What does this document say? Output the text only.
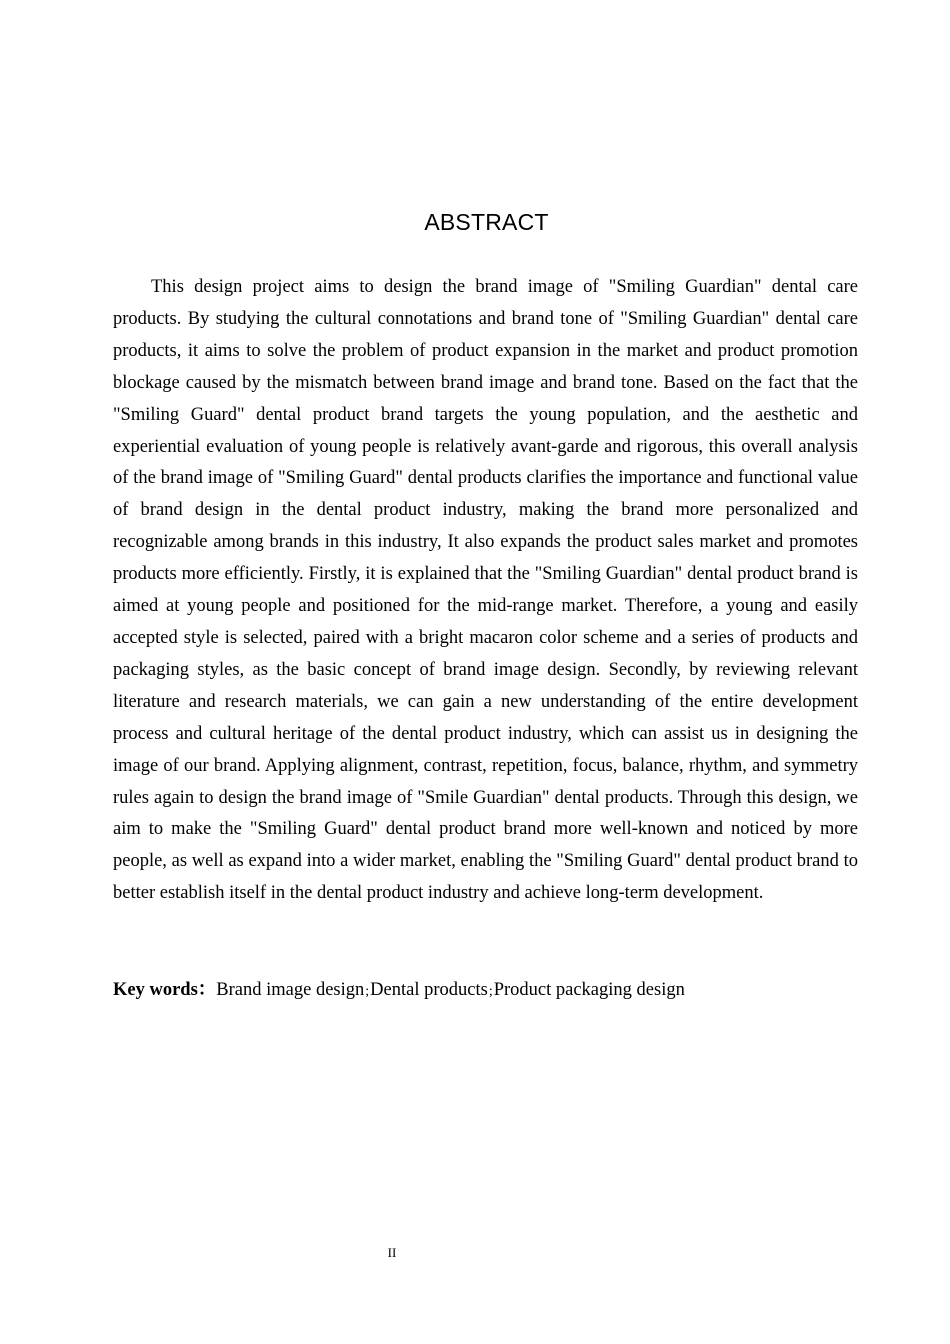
ABSTRACT

This design project aims to design the brand image of "Smiling Guardian" dental care products. By studying the cultural connotations and brand tone of "Smiling Guardian" dental care products, it aims to solve the problem of product expansion in the market and product promotion blockage caused by the mismatch between brand image and brand tone. Based on the fact that the "Smiling Guard" dental product brand targets the young population, and the aesthetic and experiential evaluation of young people is relatively avant-garde and rigorous, this overall analysis of the brand image of "Smiling Guard" dental products clarifies the importance and functional value of brand design in the dental product industry, making the brand more personalized and recognizable among brands in this industry, It also expands the product sales market and promotes products more efficiently. Firstly, it is explained that the "Smiling Guardian" dental product brand is aimed at young people and positioned for the mid-range market. Therefore, a young and easily accepted style is selected, paired with a bright macaron color scheme and a series of products and packaging styles, as the basic concept of brand image design. Secondly, by reviewing relevant literature and research materials, we can gain a new understanding of the entire development process and cultural heritage of the dental product industry, which can assist us in designing the image of our brand. Applying alignment, contrast, repetition, focus, balance, rhythm, and symmetry rules again to design the brand image of "Smile Guardian" dental products. Through this design, we aim to make the "Smiling Guard" dental product brand more well-known and noticed by more people, as well as expand into a wider market, enabling the "Smiling Guard" dental product brand to better establish itself in the dental product industry and achieve long-term development.

Key words：Brand image design;Dental products;Product packaging design
II
